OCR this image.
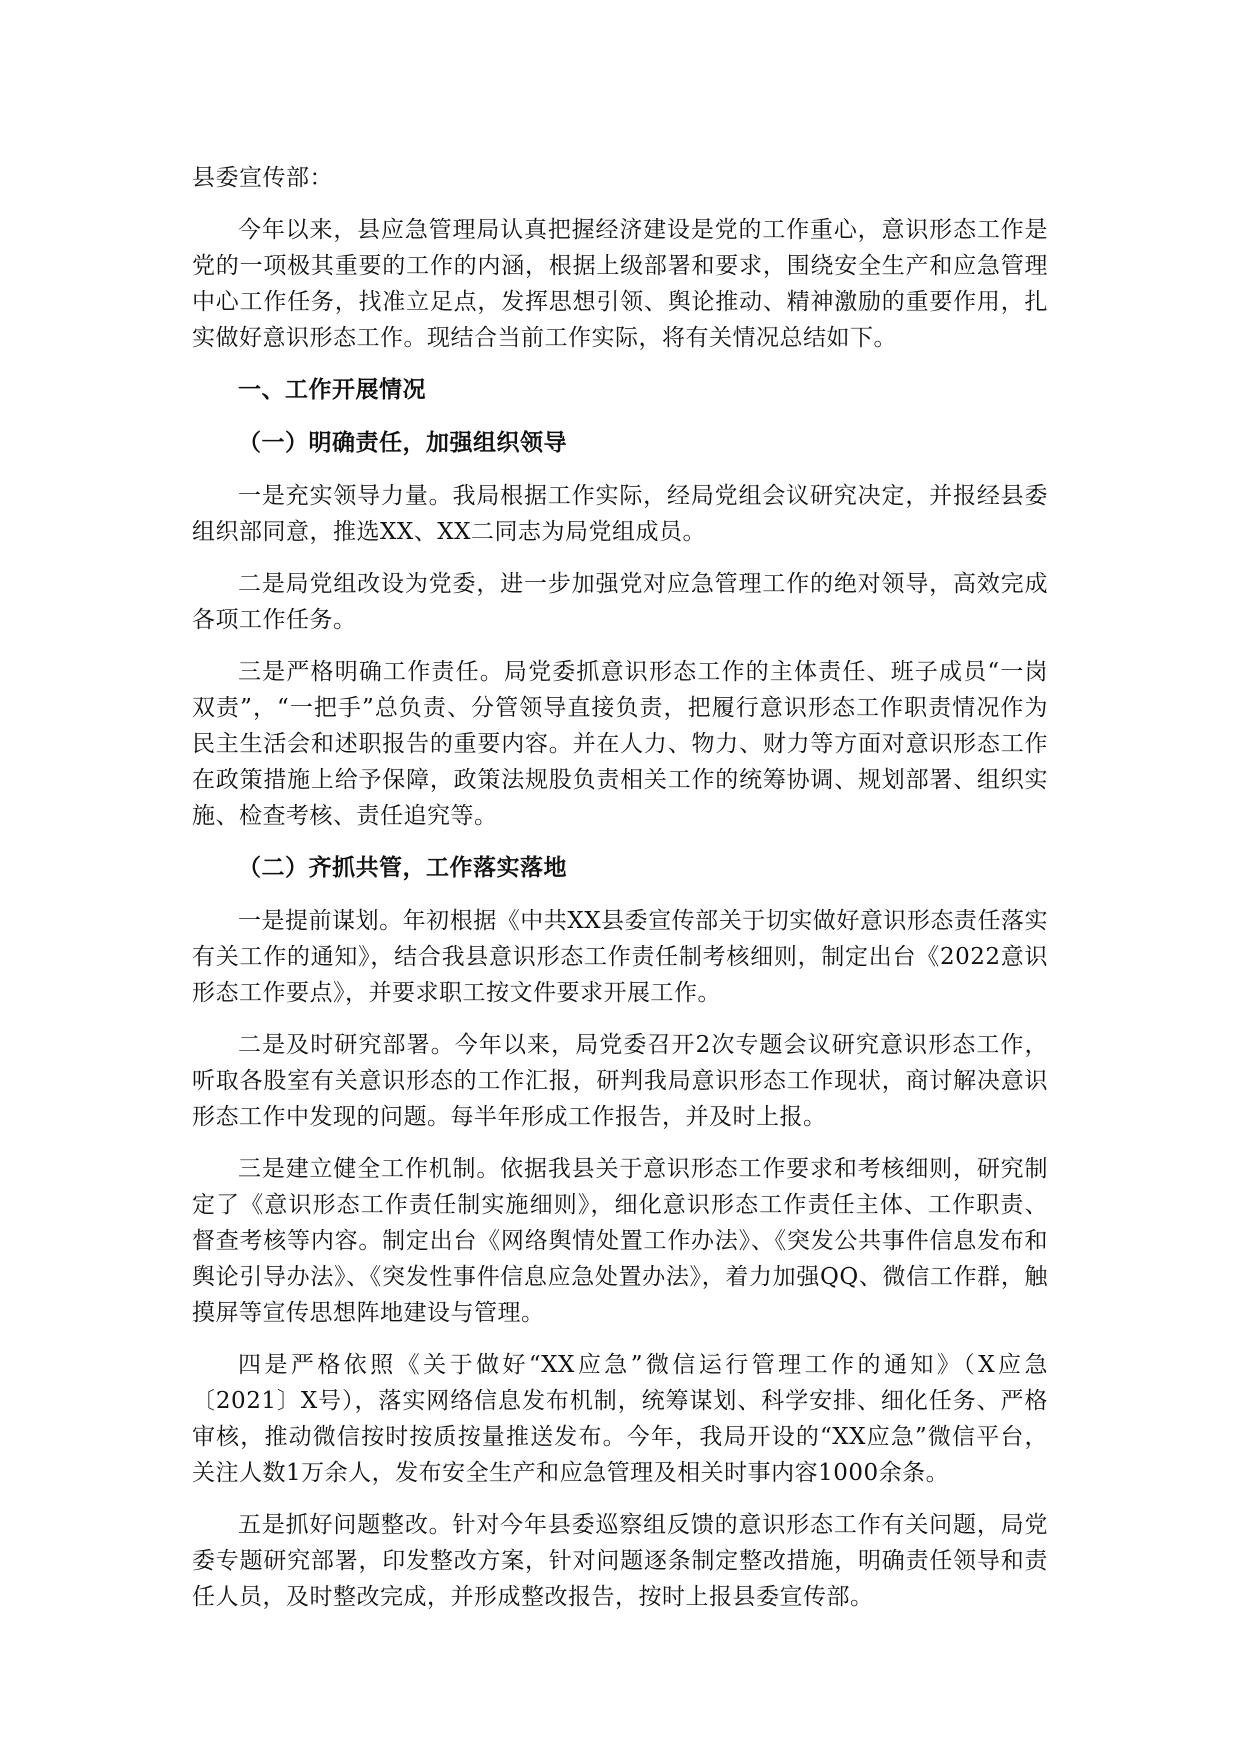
县委宣传部：

今年以来，县应急管理局认真把握经济建设是党的工作重心，意识形态工作是党的一项极其重要的工作的内涵，根据上级部署和要求，围绕安全生产和应急管理中心工作任务，找准立足点，发挥思想引领、舆论推动、精神激励的重要作用，扎实做好意识形态工作。现结合当前工作实际，将有关情况总结如下。

一、工作开展情况

（一）明确责任，加强组织领导

一是充实领导力量。我局根据工作实际，经局党组会议研究决定，并报经县委组织部同意，推选XX、XX二同志为局党组成员。

二是局党组改设为党委，进一步加强党对应急管理工作的绝对领导，高效完成各项工作任务。

三是严格明确工作责任。局党委抓意识形态工作的主体责任、班子成员“一岗双责”，“一把手”总负责、分管领导直接负责，把履行意识形态工作职责情况作为民主生活会和述职报告的重要内容。并在人力、物力、财力等方面对意识形态工作在政策措施上给予保障，政策法规股负责相关工作的统筹协调、规划部署、组织实施、检查考核、责任追究等。

（二）齐抓共管，工作落实落地

一是提前谋划。年初根据《中共XX县委宣传部关于切实做好意识形态责任落实有关工作的通知》，结合我县意识形态工作责任制考核细则，制定出台《2022意识形态工作要点》，并要求职工按文件要求开展工作。

二是及时研究部署。今年以来，局党委召开2次专题会议研究意识形态工作，听取各股室有关意识形态的工作汇报，研判我局意识形态工作现状，商讨解决意识形态工作中发现的问题。每半年形成工作报告，并及时上报。

三是建立健全工作机制。依据我县关于意识形态工作要求和考核细则，研究制定了《意识形态工作责任制实施细则》，细化意识形态工作责任主体、工作职责、督查考核等内容。制定出台《网络舆情处置工作办法》、《突发公共事件信息发布和舆论引导办法》、《突发性事件信息应急处置办法》，着力加强QQ、微信工作群，触摸屏等宣传思想阵地建设与管理。

四是严格依照《关于做好“XX应急”微信运行管理工作的通知》（X应急〔2021〕X号），落实网络信息发布机制，统筹谋划、科学安排、细化任务、严格审核，推动微信按时按质按量推送发布。今年，我局开设的“XX应急”微信平台，关注人数1万余人，发布安全生产和应急管理及相关时事内容1000余条。

五是抓好问题整改。针对今年县委巡察组反馈的意识形态工作有关问题，局党委专题研究部署，印发整改方案，针对问题逐条制定整改措施，明确责任领导和责任人员，及时整改完成，并形成整改报告，按时上报县委宣传部。
